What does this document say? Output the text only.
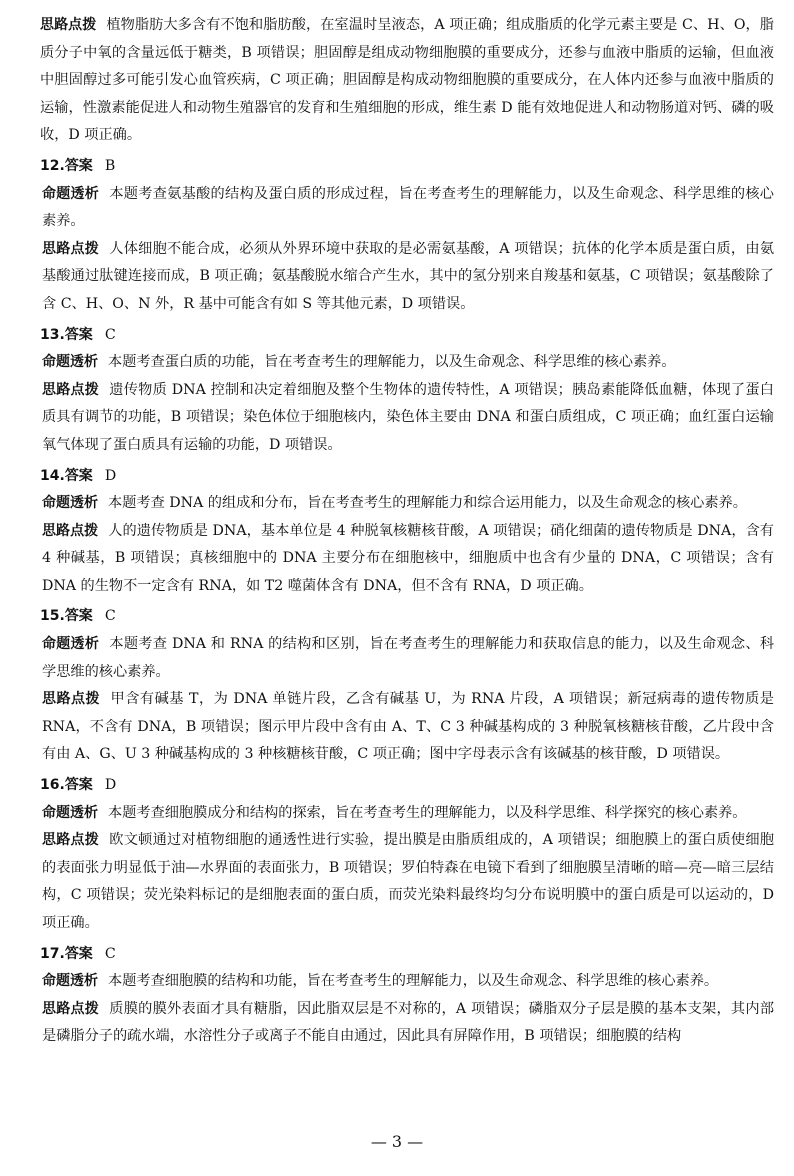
思路点拨 植物脂肪大多含有不饱和脂肪酸，在室温时呈液态，A 项正确；组成脂质的化学元素主要是 C、H、O，脂质分子中氧的含量远低于糖类，B 项错误；胆固醇是组成动物细胞膜的重要成分，还参与血液中脂质的运输，但血液中胆固醇过多可能引发心血管疾病，C 项正确；胆固醇是构成动物细胞膜的重要成分，在人体内还参与血液中脂质的运输，性激素能促进人和动物生殖器官的发育和生殖细胞的形成，维生素 D 能有效地促进人和动物肠道对钙、磷的吸收，D 项正确。

12.答案 B

命题透析 本题考查氨基酸的结构及蛋白质的形成过程，旨在考查考生的理解能力，以及生命观念、科学思维的核心素养。

思路点拨 人体细胞不能合成，必须从外界环境中获取的是必需氨基酸，A 项错误；抗体的化学本质是蛋白质，由氨基酸通过肽键连接而成，B 项正确；氨基酸脱水缩合产生水，其中的氢分别来自羧基和氨基，C 项错误；氨基酸除了含 C、H、O、N 外，R 基中可能含有如 S 等其他元素，D 项错误。

13.答案 C

命题透析 本题考查蛋白质的功能，旨在考查考生的理解能力，以及生命观念、科学思维的核心素养。

思路点拨 遗传物质 DNA 控制和决定着细胞及整个生物体的遗传特性，A 项错误；胰岛素能降低血糖，体现了蛋白质具有调节的功能，B 项错误；染色体位于细胞核内，染色体主要由 DNA 和蛋白质组成，C 项正确；血红蛋白运输氧气体现了蛋白质具有运输的功能，D 项错误。

14.答案 D

命题透析 本题考查 DNA 的组成和分布，旨在考查考生的理解能力和综合运用能力，以及生命观念的核心素养。

思路点拨 人的遗传物质是 DNA，基本单位是 4 种脱氧核糖核苷酸，A 项错误；硝化细菌的遗传物质是 DNA，含有 4 种碱基，B 项错误；真核细胞中的 DNA 主要分布在细胞核中，细胞质中也含有少量的 DNA，C 项错误；含有 DNA 的生物不一定含有 RNA，如 T2 噬菌体含有 DNA，但不含有 RNA，D 项正确。

15.答案 C

命题透析 本题考查 DNA 和 RNA 的结构和区别，旨在考查考生的理解能力和获取信息的能力，以及生命观念、科学思维的核心素养。

思路点拨 甲含有碱基 T，为 DNA 单链片段，乙含有碱基 U，为 RNA 片段，A 项错误；新冠病毒的遗传物质是 RNA，不含有 DNA，B 项错误；图示甲片段中含有由 A、T、C 3 种碱基构成的 3 种脱氧核糖核苷酸，乙片段中含有由 A、G、U 3 种碱基构成的 3 种核糖核苷酸，C 项正确；图中字母表示含有该碱基的核苷酸，D 项错误。

16.答案 D

命题透析 本题考查细胞膜成分和结构的探索，旨在考查考生的理解能力，以及科学思维、科学探究的核心素养。

思路点拨 欧文顿通过对植物细胞的通透性进行实验，提出膜是由脂质组成的，A 项错误；细胞膜上的蛋白质使细胞的表面张力明显低于油—水界面的表面张力，B 项错误；罗伯特森在电镜下看到了细胞膜呈清晰的暗—亮—暗三层结构，C 项错误；荧光染料标记的是细胞表面的蛋白质，而荧光染料最终均匀分布说明膜中的蛋白质是可以运动的，D 项正确。

17.答案 C

命题透析 本题考查细胞膜的结构和功能，旨在考查考生的理解能力，以及生命观念、科学思维的核心素养。

思路点拨 质膜的膜外表面才具有糖脂，因此脂双层是不对称的，A 项错误；磷脂双分子层是膜的基本支架，其内部是磷脂分子的疏水端，水溶性分子或离子不能自由通过，因此具有屏障作用，B 项错误；细胞膜的结构

— 3 —
